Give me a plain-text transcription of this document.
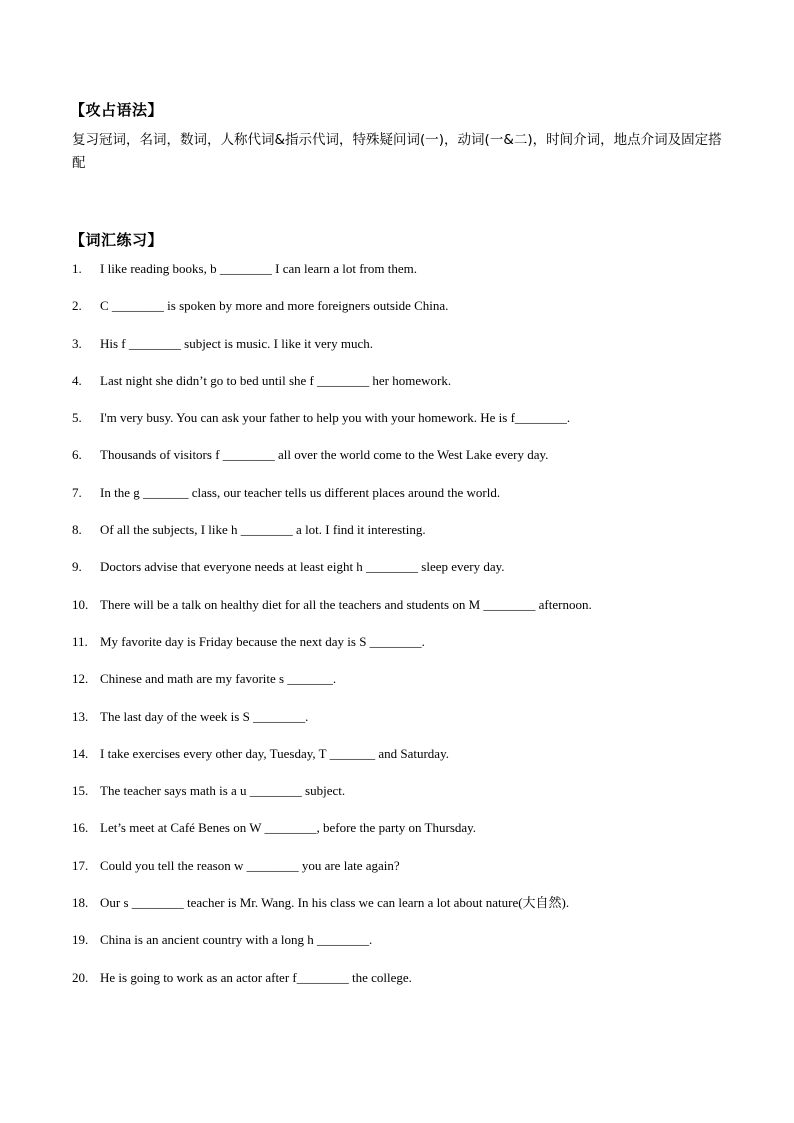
【攻占语法】
复习冠词，名词，数词，人称代词&指示代词，特殊疑问词(一)，动词(一&二)，时间介词，地点介词及固定搭配
【词汇练习】
1.	I like reading books, b ________ I can learn a lot from them.
2.	C ________ is spoken by more and more foreigners outside China.
3.	His f ________ subject is music. I like it very much.
4.	Last night she didn’t go to bed until she f ________ her homework.
5.	I'm very busy. You can ask your father to help you with your homework. He is f________.
6.	Thousands of visitors f ________ all over the world come to the West Lake every day.
7.	In the g _______ class, our teacher tells us different places around the world.
8.	Of all the subjects, I like h ________ a lot. I find it interesting.
9.	Doctors advise that everyone needs at least eight h ________ sleep every day.
10. There will be a talk on healthy diet for all the teachers and students on M ________ afternoon.
11. My favorite day is Friday because the next day is S ________.
12. Chinese and math are my favorite s _______.
13. The last day of the week is S ________.
14. I take exercises every other day, Tuesday, T _______ and Saturday.
15. The teacher says math is a u ________ subject.
16. Let’s meet at Café Benes on W ________, before the party on Thursday.
17. Could you tell the reason w ________ you are late again?
18. Our s ________ teacher is Mr. Wang. In his class we can learn a lot about nature(大自然).
19. China is an ancient country with a long h ________.
20. He is going to work as an actor after f________ the college.
